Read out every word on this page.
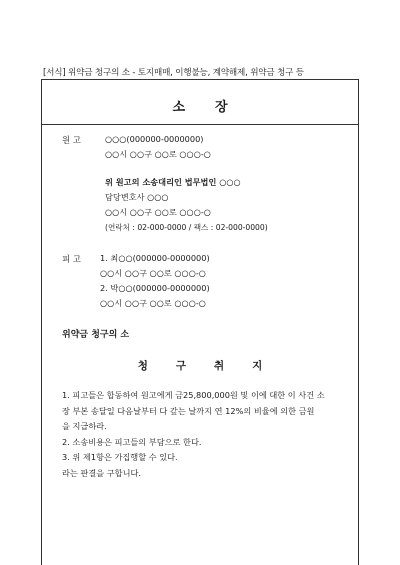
[서식] 위약금 청구의 소 - 토지매매, 이행불능, 계약해제, 위약금 청구 등
소 장
원 고	○○○(000000-0000000)
○○시 ○○구 ○○로 ○○○-○
위 원고의 소송대리인 법무법인 ○○○
담당변호사 ○○○
○○시 ○○구 ○○로 ○○○-○
(연락처 : 02-000-0000 / 팩스 : 02-000-0000)
피 고 1. 최○○(000000-0000000)
○○시 ○○구 ○○로 ○○○-○
2. 박○○(000000-0000000)
○○시 ○○구 ○○로 ○○○-○
위약금 청구의 소
청	구	취	지
1. 피고들은 합동하여 원고에게 금25,800,000원 및 이에 대한 이 사건 소
장 부본 송달일 다음날부터 다 갚는 날까지 연 12%의 비율에 의한 금원
을 지급하라.
2. 소송비용은 피고들의 부담으로 한다.
3. 위 제1항은 가집행할 수 있다.
라는 판결을 구합니다.
